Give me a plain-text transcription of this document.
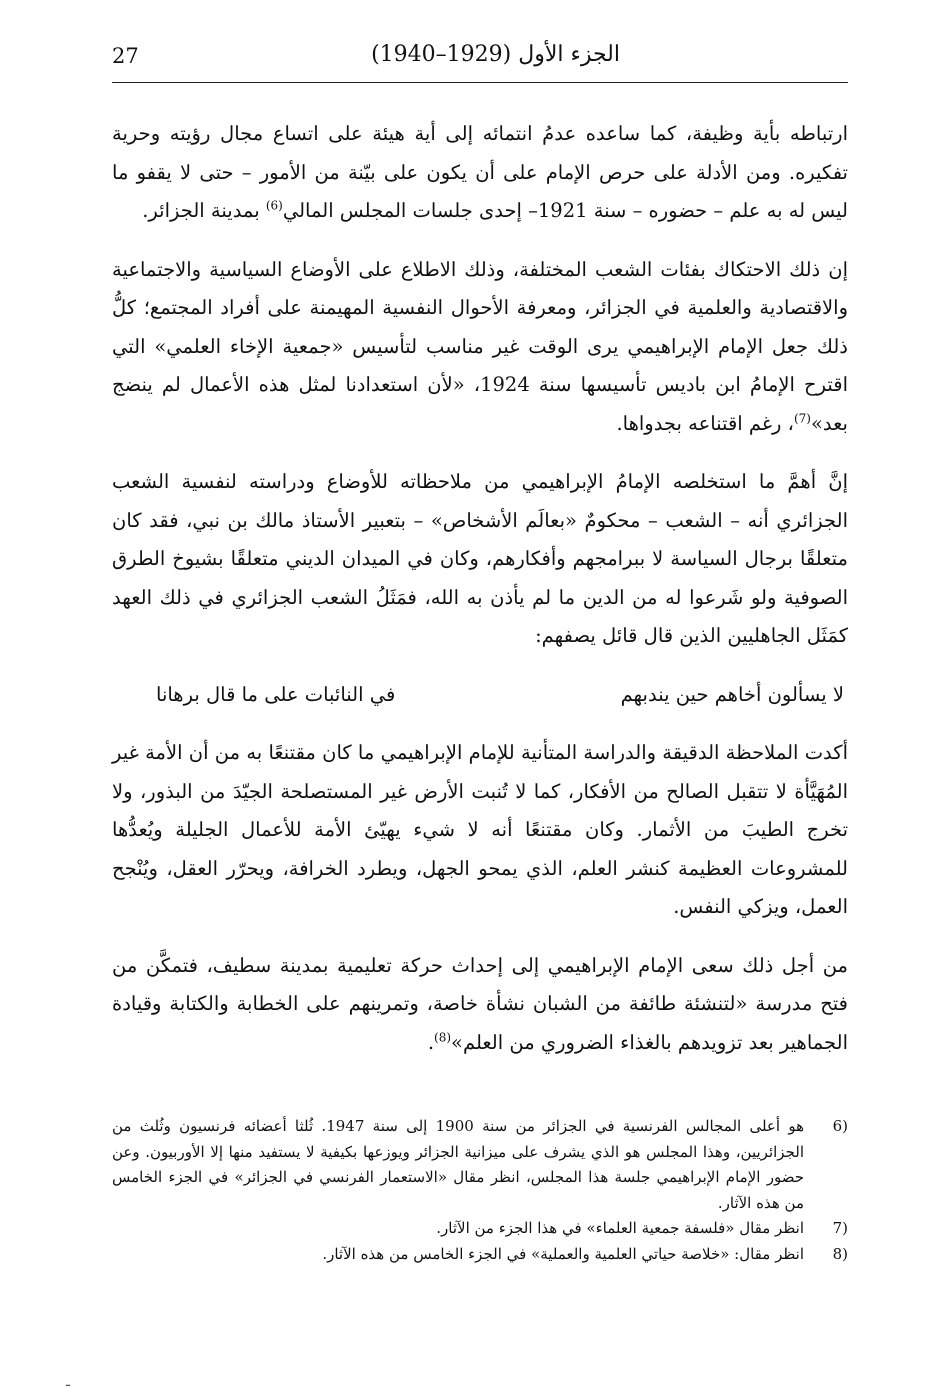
27	الجزء الأول (1929–1940)

ارتباطه بأية وظيفة، كما ساعده عدمُ انتمائه إلى أية هيئة على اتساع مجال رؤيته وحرية تفكيره. ومن الأدلة على حرص الإمام على أن يكون على بيّنة من الأمور – حتى لا يقفو ما ليس له به علم – حضوره – سنة 1921– إحدى جلسات المجلس المالي$^{(6)}$ بمدينة الجزائر.

إن ذلك الاحتكاك بفئات الشعب المختلفة، وذلك الاطلاع على الأوضاع السياسية والاجتماعية والاقتصادية والعلمية في الجزائر، ومعرفة الأحوال النفسية المهيمنة على أفراد المجتمع؛ كلُّ ذلك جعل الإمام الإبراهيمي يرى الوقت غير مناسب لتأسيس «جمعية الإخاء العلمي» التي اقترح الإمامُ ابن باديس تأسيسها سنة 1924، «لأن استعدادنا لمثل هذه الأعمال لم ينضج بعد»$^{(7)}$، رغم اقتناعه بجدواها.

إنَّ أهمَّ ما استخلصه الإمامُ الإبراهيمي من ملاحظاته للأوضاع ودراسته لنفسية الشعب الجزائري أنه – الشعب – محكومٌ «بعالَم الأشخاص» – بتعبير الأستاذ مالك بن نبي، فقد كان متعلقًا برجال السياسة لا ببرامجهم وأفكارهم، وكان في الميدان الديني متعلقًا بشيوخ الطرق الصوفية ولو شَرعوا له من الدين ما لم يأذن به الله، فمَثَلُ الشعب الجزائري في ذلك العهد كمَثَل الجاهليين الذين قال قائل يصفهم:

لا يسألون أخاهم حين يندبهم
في النائبات على ما قال برهانا

أكدت الملاحظة الدقيقة والدراسة المتأنية للإمام الإبراهيمي ما كان مقتنعًا به من أن الأمة غير المُهَيَّأة لا تتقبل الصالح من الأفكار، كما لا تُنبت الأرض غير المستصلحة الجيّدَ من البذور، ولا تخرج الطيبَ من الأثمار. وكان مقتنعًا أنه لا شيء يهيّئ الأمة للأعمال الجليلة ويُعدُّها للمشروعات العظيمة كنشر العلم، الذي يمحو الجهل، ويطرد الخرافة، ويحرّر العقل، ويُنْجح العمل، ويزكي النفس.

من أجل ذلك سعى الإمام الإبراهيمي إلى إحداث حركة تعليمية بمدينة سطيف، فتمكَّن من فتح مدرسة «لتنشئة طائفة من الشبان نشأة خاصة، وتمرينهم على الخطابة والكتابة وقيادة الجماهير بعد تزويدهم بالغذاء الضروري من العلم»$^{(8)}$.

6)
هو أعلى المجالس الفرنسية في الجزائر من سنة 1900 إلى سنة 1947. ثُلثا أعضائه فرنسيون وثُلث من الجزائريين، وهذا المجلس هو الذي يشرف على ميزانية الجزائر ويوزعها بكيفية لا يستفيد منها إلا الأوربيون. وعن حضور الإمام الإبراهيمي جلسة هذا المجلس، انظر مقال «الاستعمار الفرنسي في الجزائر» في الجزء الخامس من هذه الآثار.
7)
انظر مقال «فلسفة جمعية العلماء» في هذا الجزء من الآثار.
8)
انظر مقال: «خلاصة حياتي العلمية والعملية» في الجزء الخامس من هذه الآثار.
ـ
